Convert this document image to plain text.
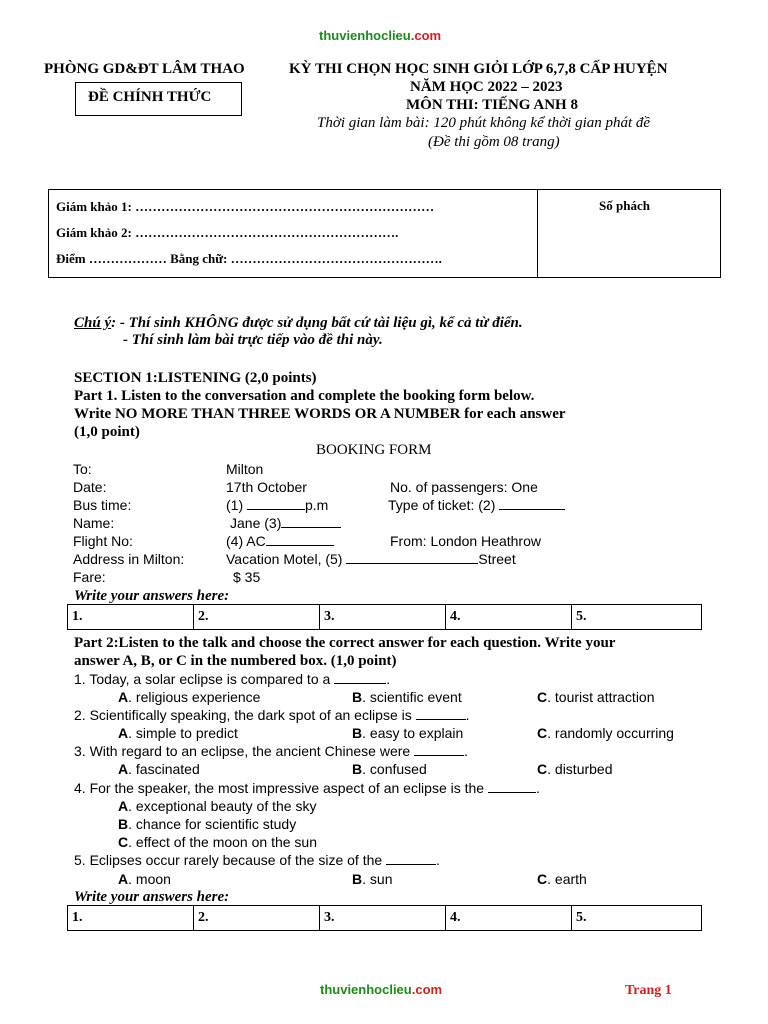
thuvienhoclieu.com
PHÒNG GD&ĐT LÂM THAO
ĐỀ CHÍNH THỨC
KỲ THI CHỌN HỌC SINH GIỎI LỚP 6,7,8 CẤP HUYỆN
NĂM HỌC 2022 – 2023
MÔN THI: TIẾNG ANH 8
Thời gian làm bài: 120 phút không kể thời gian phát đề
(Đề thi gồm 08 trang)
Giám khảo 1: ……………………………………………………………
Giám khảo 2: …………………………………………………….
Điểm ……………… Bằng chữ: ………………………………………….
Số phách
Chú ý: - Thí sinh KHÔNG được sử dụng bất cứ tài liệu gì, kể cả từ điển.
- Thí sinh làm bài trực tiếp vào đề thi này.
SECTION 1:LISTENING (2,0 points)
Part 1. Listen to the conversation and complete the booking form below.
Write NO MORE THAN THREE WORDS OR A NUMBER for each answer
(1,0 point)
BOOKING FORM
To:	Milton
Date:	17th October	No. of passengers: One
Bus time:	(1)	p.m	Type of ticket: (2)
Name:	Jane (3)
Flight No:	(4) AC	From: London Heathrow
Address in Milton:	Vacation Motel, (5)	Street
Fare:	$ 35
Write your answers here:
1.	2.	3.	4.	5.
Part 2:Listen to the talk and choose the correct answer for each question. Write your
answer A, B, or C in the numbered box. (1,0 point)
1. Today, a solar eclipse is compared to a	.
A. religious experience	B. scientific event	C. tourist attraction
2. Scientifically speaking, the dark spot of an eclipse is	.
A. simple to predict	B. easy to explain	C. randomly occurring
3. With regard to an eclipse, the ancient Chinese were	.
A. fascinated	B. confused	C. disturbed
4. For the speaker, the most impressive aspect of an eclipse is the	.
A. exceptional beauty of the sky
B. chance for scientific study
C. effect of the moon on the sun
5. Eclipses occur rarely because of the size of the	.
A. moon	B. sun	C. earth
Write your answers here:
1.	2.	3.	4.	5.
thuvienhoclieu.com	Trang 1
